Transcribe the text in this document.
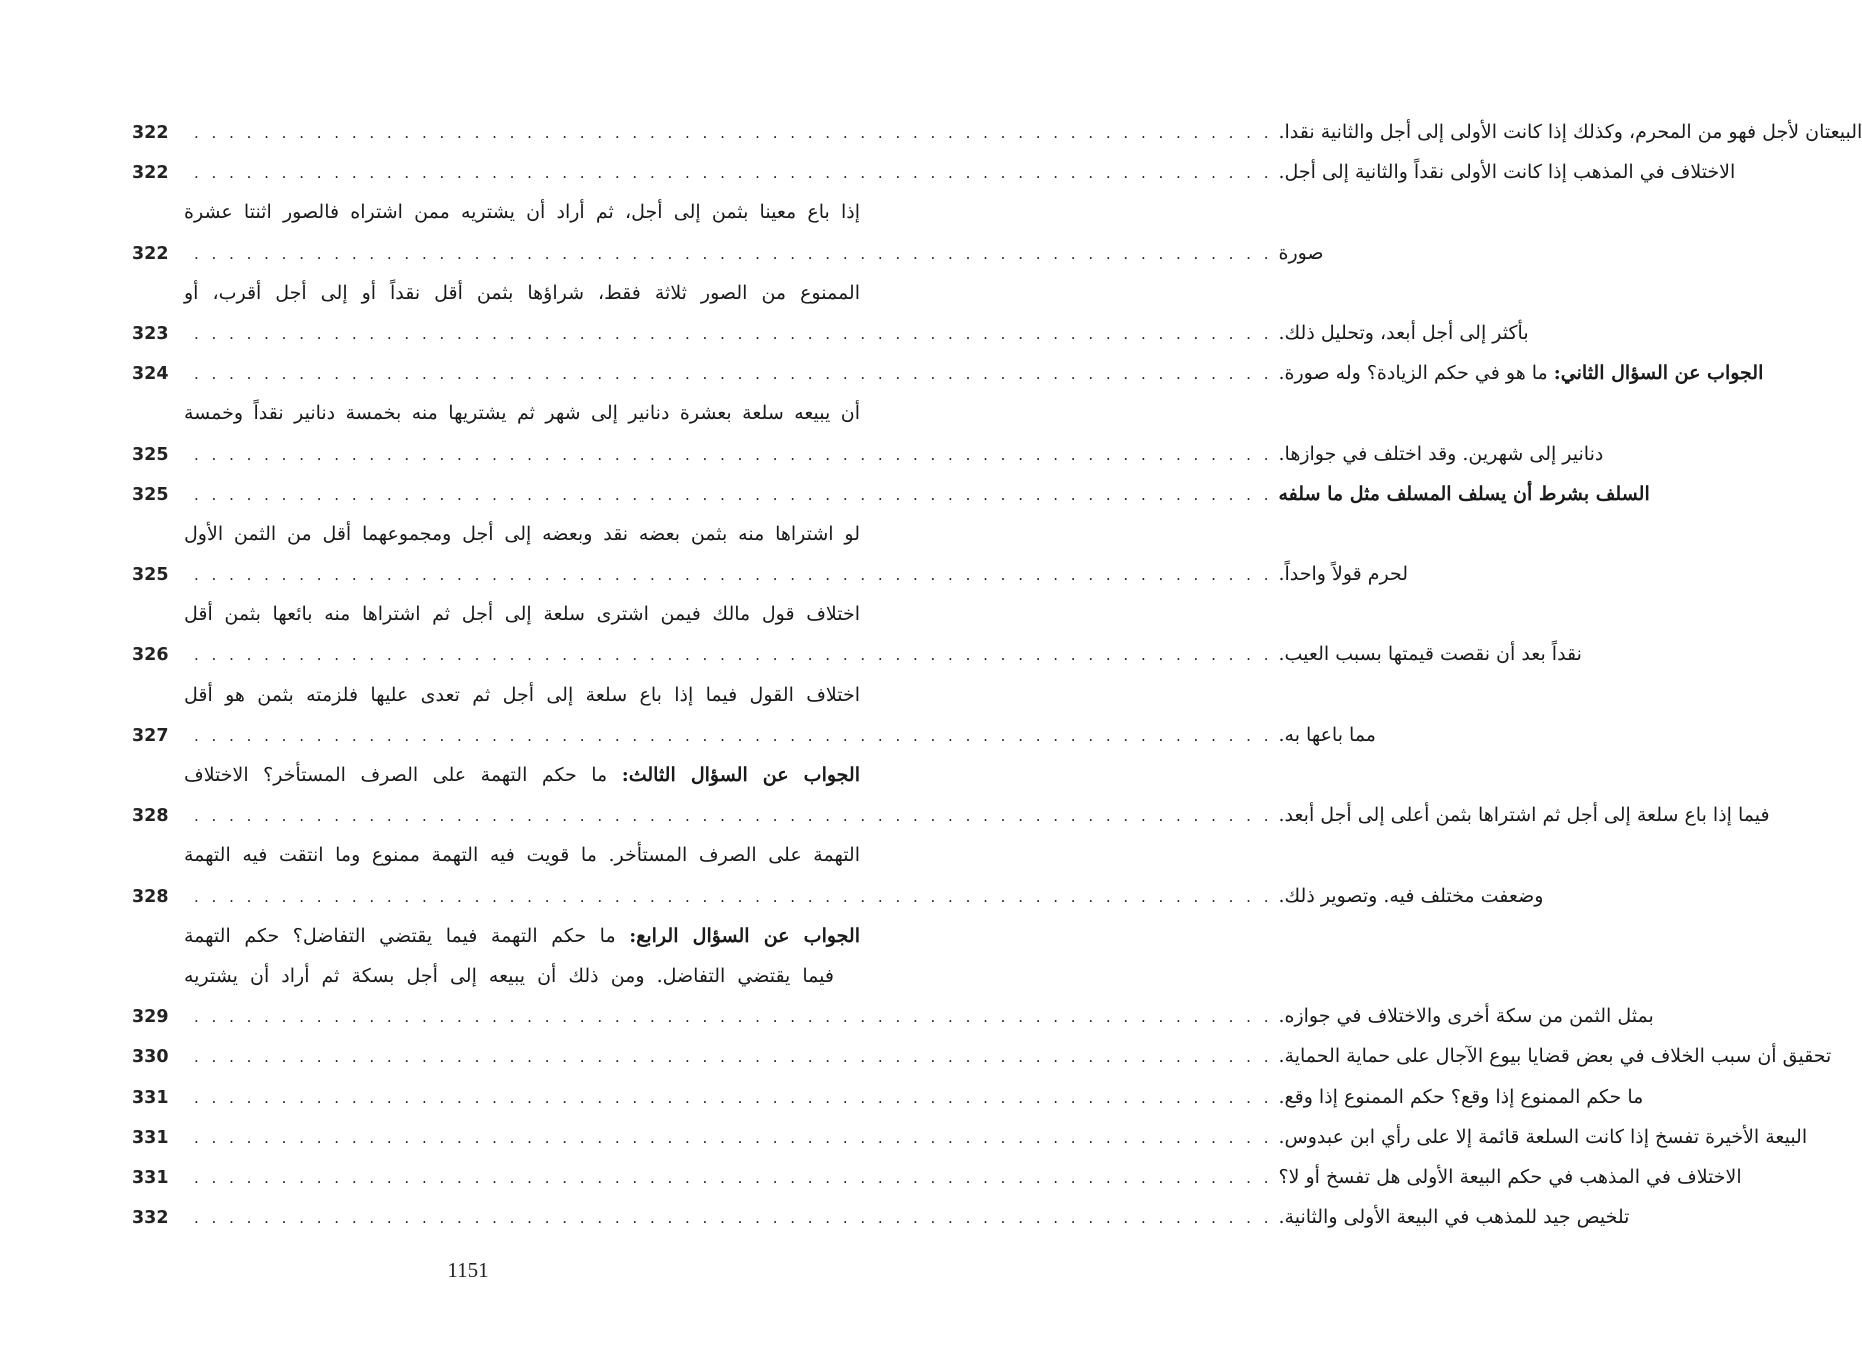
322	. . . . . . . . . . . . . . . . . . . . . . . . . . . . . . . . . . . . . . . . . . . . . . . . . . . . . . . . . . . . . . البيعتان لأجل فهو من المحرم، وكذلك إذا كانت الأولى إلى أجل والثانية نقدا.
322	. . . . . . . . . . . . . . . . . . . . . . . . . . . . . . . . . . . . . . . . . . . . . . . . . . . . . . . . . . . . . . الاختلاف في المذهب إذا كانت الأولى نقداً والثانية إلى أجل.
إذا باع معينا بثمن إلى أجل، ثم أراد أن يشتريه ممن اشتراه فالصور اثنتا عشرة
322	. . . . . . . . . . . . . . . . . . . . . . . . . . . . . . . . . . . . . . . . . . . . . . . . . . . . . . . . . . . . . . صورة
الممنوع من الصور ثلاثة فقط، شراؤها بثمن أقل نقداً أو إلى أجل أقرب، أو
323	. . . . . . . . . . . . . . . . . . . . . . . . . . . . . . . . . . . . . . . . . . . . . . . . . . . . . . . . . . . . . . بأكثر إلى أجل أبعد، وتحليل ذلك.
324	. . . . . . . . . . . . . . . . . . . . . . . . . . . . . . . . . . . . . . . . . . . . . . . . . . . . . . . . . . . . . .	الجواب عن السؤال الثاني: ما هو في حكم الزيادة؟ وله صورة.
أن يبيعه سلعة بعشرة دنانير إلى شهر ثم يشتريها منه بخمسة دنانير نقداً وخمسة
325	. . . . . . . . . . . . . . . . . . . . . . . . . . . . . . . . . . . . . . . . . . . . . . . . . . . . . . . . . . . . . . دنانير إلى شهرين. وقد اختلف في جوازها.
325	. . . . . . . . . . . . . . . . . . . . . . . . . . . . . . . . . . . . . . . . . . . . . . . . . . . . . . . . . . . . . . السلف بشرط أن يسلف المسلف مثل ما سلفه
لو اشتراها منه بثمن بعضه نقد وبعضه إلى أجل ومجموعهما أقل من الثمن الأول
325	. . . . . . . . . . . . . . . . . . . . . . . . . . . . . . . . . . . . . . . . . . . . . . . . . . . . . . . . . . . . . . لحرم قولاً واحداً.
اختلاف قول مالك فيمن اشترى سلعة إلى أجل ثم اشتراها منه بائعها بثمن أقل
326	. . . . . . . . . . . . . . . . . . . . . . . . . . . . . . . . . . . . . . . . . . . . . . . . . . . . . . . . . . . . . . نقداً بعد أن نقصت قيمتها بسبب العيب.
اختلاف القول فيما إذا باع سلعة إلى أجل ثم تعدى عليها فلزمته بثمن هو أقل
327	. . . . . . . . . . . . . . . . . . . . . . . . . . . . . . . . . . . . . . . . . . . . . . . . . . . . . . . . . . . . . . مما باعها به.
الجواب عن السؤال الثالث: ما حكم التهمة على الصرف المستأخر؟ الاختلاف
328	. . . . . . . . . . . . . . . . . . . . . . . . . . . . . . . . . . . . . . . . . . . . . . . . . . . . . . . . . . . . . . فيما إذا باع سلعة إلى أجل ثم اشتراها بثمن أعلى إلى أجل أبعد.
التهمة على الصرف المستأخر. ما قويت فيه التهمة ممنوع وما انتقت فيه التهمة
328	. . . . . . . . . . . . . . . . . . . . . . . . . . . . . . . . . . . . . . . . . . . . . . . . . . . . . . . . . . . . . . وضعفت مختلف فيه. وتصوير ذلك.
الجواب عن السؤال الرابع: ما حكم التهمة فيما يقتضي التفاضل؟ حكم التهمة
فيما يقتضي التفاضل. ومن ذلك أن يبيعه إلى أجل بسكة ثم أراد أن يشتريه
329	. . . . . . . . . . . . . . . . . . . . . . . . . . . . . . . . . . . . . . . . . . . . . . . . . . . . . . . . . . . . . . بمثل الثمن من سكة أخرى والاختلاف في جوازه.
330	. . . . . . . . . . . . . . . . . . . . . . . . . . . . . . . . . . . . . . . . . . . . . . . . . . . . . . . . . . . . . . تحقيق أن سبب الخلاف في بعض قضايا بيوع الآجال على حماية الحماية.
331	. . . . . . . . . . . . . . . . . . . . . . . . . . . . . . . . . . . . . . . . . . . . . . . . . . . . . . . . . . . . . . ما حكم الممنوع إذا وقع؟ حكم الممنوع إذا وقع.
331	. . . . . . . . . . . . . . . . . . . . . . . . . . . . . . . . . . . . . . . . . . . . . . . . . . . . . . . . . . . . . . البيعة الأخيرة تفسخ إذا كانت السلعة قائمة إلا على رأي ابن عبدوس.
331	. . . . . . . . . . . . . . . . . . . . . . . . . . . . . . . . . . . . . . . . . . . . . . . . . . . . . . . . . . . . . . الاختلاف في المذهب في حكم البيعة الأولى هل تفسخ أو لا؟
332	. . . . . . . . . . . . . . . . . . . . . . . . . . . . . . . . . . . . . . . . . . . . . . . . . . . . . . . . . . . . . . تلخيص جيد للمذهب في البيعة الأولى والثانية.
1151
